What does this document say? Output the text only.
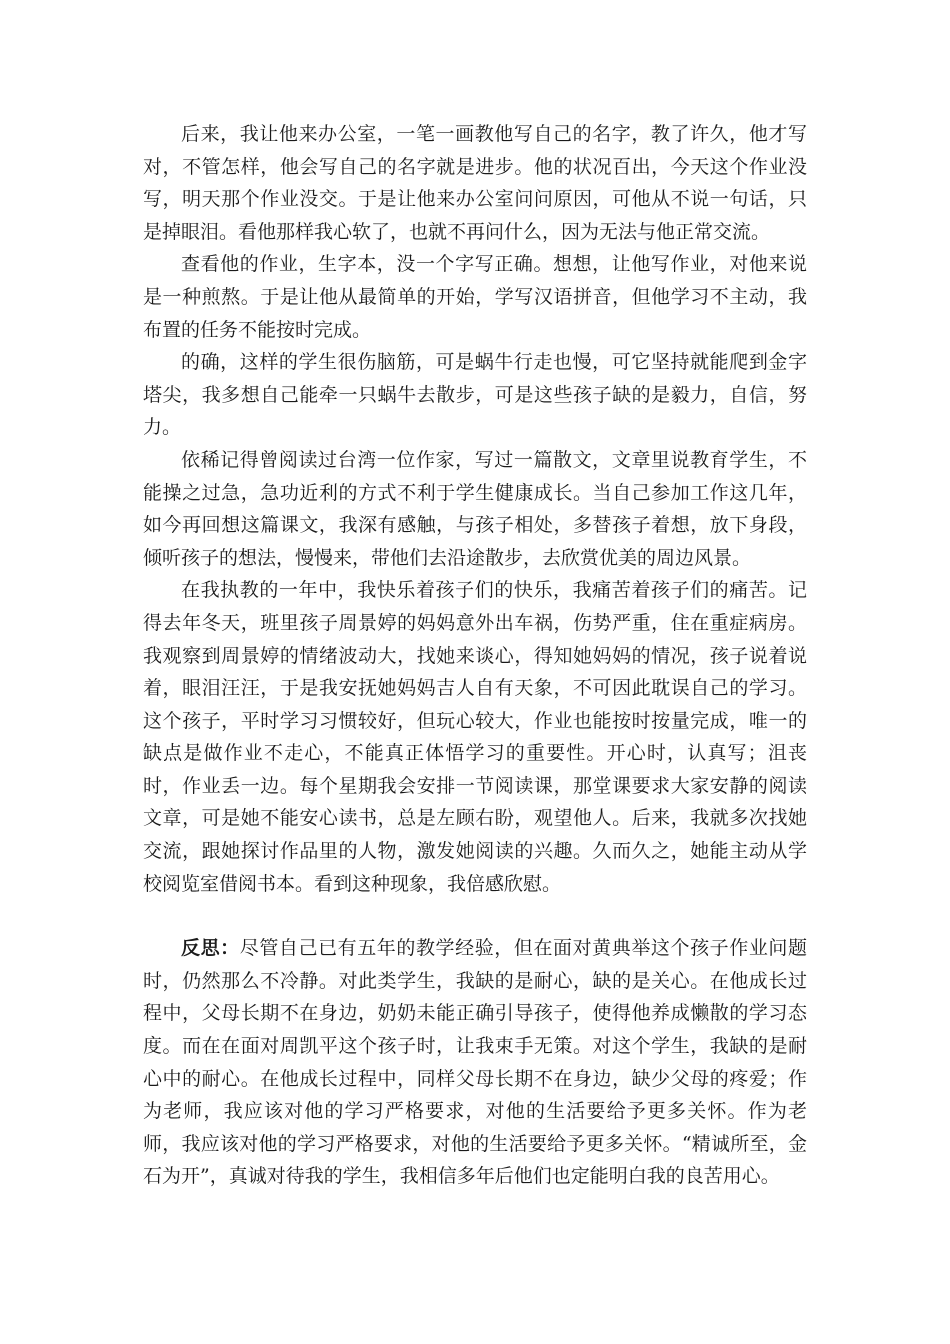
后来，我让他来办公室，一笔一画教他写自己的名字，教了许久，他才写对，不管怎样，他会写自己的名字就是进步。他的状况百出，今天这个作业没写，明天那个作业没交。于是让他来办公室问问原因，可他从不说一句话，只是掉眼泪。看他那样我心软了，也就不再问什么，因为无法与他正常交流。

查看他的作业，生字本，没一个字写正确。想想，让他写作业，对他来说是一种煎熬。于是让他从最简单的开始，学写汉语拼音，但他学习不主动，我布置的任务不能按时完成。

的确，这样的学生很伤脑筋，可是蜗牛行走也慢，可它坚持就能爬到金字塔尖，我多想自己能牵一只蜗牛去散步，可是这些孩子缺的是毅力，自信，努力。

依稀记得曾阅读过台湾一位作家，写过一篇散文，文章里说教育学生，不能操之过急，急功近利的方式不利于学生健康成长。当自己参加工作这几年，如今再回想这篇课文，我深有感触，与孩子相处，多替孩子着想，放下身段，倾听孩子的想法，慢慢来，带他们去沿途散步，去欣赏优美的周边风景。

在我执教的一年中，我快乐着孩子们的快乐，我痛苦着孩子们的痛苦。记得去年冬天，班里孩子周景婷的妈妈意外出车祸，伤势严重，住在重症病房。我观察到周景婷的情绪波动大，找她来谈心，得知她妈妈的情况，孩子说着说着，眼泪汪汪，于是我安抚她妈妈吉人自有天象，不可因此耽误自己的学习。这个孩子，平时学习习惯较好，但玩心较大，作业也能按时按量完成，唯一的缺点是做作业不走心，不能真正体悟学习的重要性。开心时，认真写；沮丧时，作业丢一边。每个星期我会安排一节阅读课，那堂课要求大家安静的阅读文章，可是她不能安心读书，总是左顾右盼，观望他人。后来，我就多次找她交流，跟她探讨作品里的人物，激发她阅读的兴趣。久而久之，她能主动从学校阅览室借阅书本。看到这种现象，我倍感欣慰。

反思：尽管自己已有五年的教学经验，但在面对黄典举这个孩子作业问题时，仍然那么不冷静。对此类学生，我缺的是耐心，缺的是关心。在他成长过程中，父母长期不在身边，奶奶未能正确引导孩子，使得他养成懒散的学习态度。而在在面对周凯平这个孩子时，让我束手无策。对这个学生，我缺的是耐心中的耐心。在他成长过程中，同样父母长期不在身边，缺少父母的疼爱；作为老师，我应该对他的学习严格要求，对他的生活要给予更多关怀。作为老师，我应该对他的学习严格要求，对他的生活要给予更多关怀。“精诚所至，金石为开”，真诚对待我的学生，我相信多年后他们也定能明白我的良苦用心。
